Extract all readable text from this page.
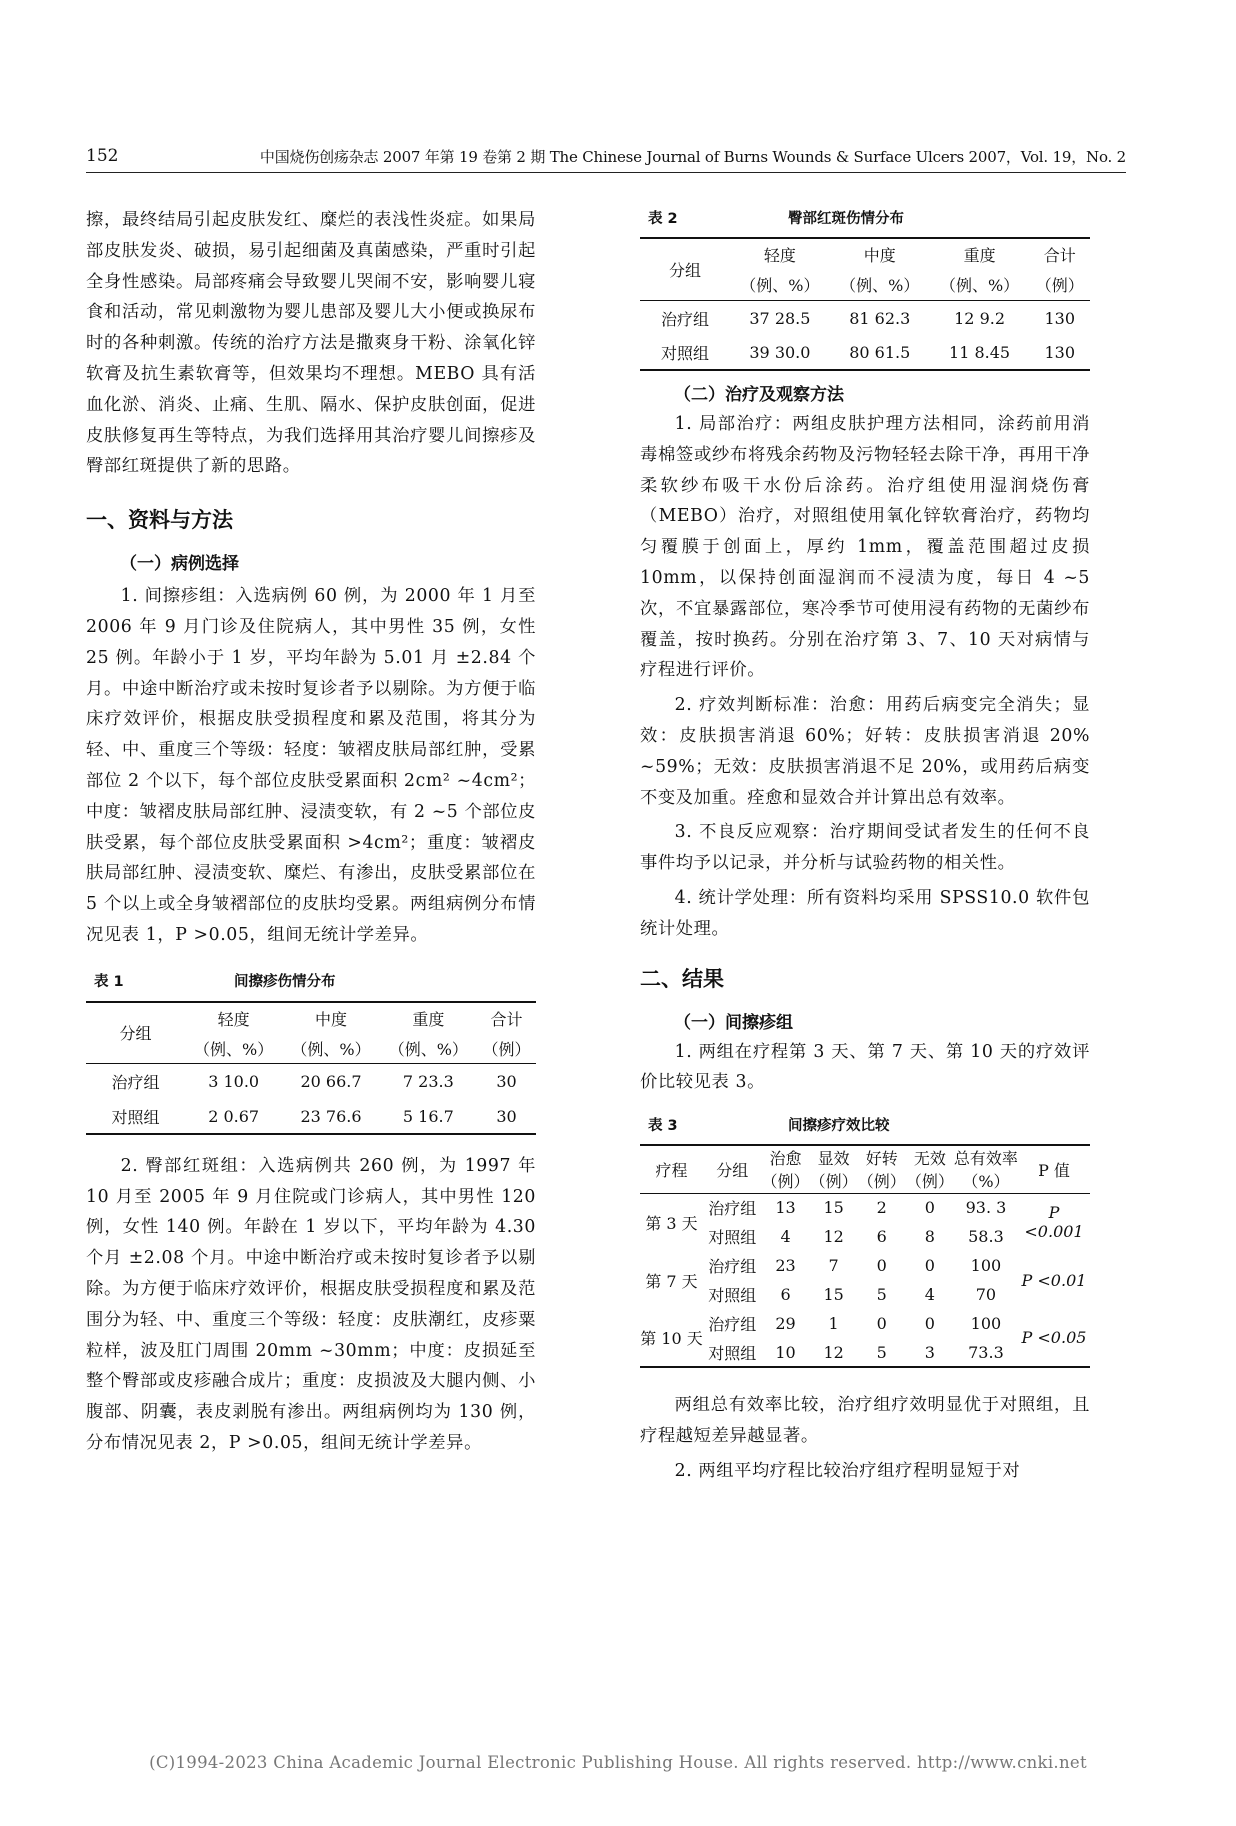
152	中国烧伤创疡杂志 2007 年第 19 卷第 2 期 The Chinese Journal of Burns Wounds & Surface Ulcers 2007，Vol. 19，No. 2

擦，最终结局引起皮肤发红、糜烂的表浅性炎症。如果局部皮肤发炎、破损，易引起细菌及真菌感染，严重时引起全身性感染。局部疼痛会导致婴儿哭闹不安，影响婴儿寝食和活动，常见刺激物为婴儿患部及婴儿大小便或换尿布时的各种刺激。传统的治疗方法是撒爽身干粉、涂氧化锌软膏及抗生素软膏等，但效果均不理想。MEBO 具有活血化淤、消炎、止痛、生肌、隔水、保护皮肤创面，促进皮肤修复再生等特点，为我们选择用其治疗婴儿间擦疹及臀部红斑提供了新的思路。

一、资料与方法
（一）病例选择

1. 间擦疹组：入选病例 60 例，为 2000 年 1 月至 2006 年 9 月门诊及住院病人，其中男性 35 例，女性 25 例。年龄小于 1 岁，平均年龄为 5.01 月 ±2.84 个月。中途中断治疗或未按时复诊者予以剔除。为方便于临床疗效评价，根据皮肤受损程度和累及范围，将其分为轻、中、重度三个等级：轻度：皱褶皮肤局部红肿，受累部位 2 个以下，每个部位皮肤受累面积 2cm² ~4cm²；中度：皱褶皮肤局部红肿、浸渍变软，有 2 ~5 个部位皮肤受累，每个部位皮肤受累面积 >4cm²；重度：皱褶皮肤局部红肿、浸渍变软、糜烂、有渗出，皮肤受累部位在 5 个以上或全身皱褶部位的皮肤均受累。两组病例分布情况见表 1，P >0.05，组间无统计学差异。

表 1	间擦疹伤情分布
分组	轻度	中度	重度	合计
	（例、%）	（例、%）	（例、%）	（例）
治疗组	3 10.0	20 66.7	7 23.3	30
对照组	2 0.67	23 76.6	5 16.7	30

2. 臀部红斑组：入选病例共 260 例，为 1997 年 10 月至 2005 年 9 月住院或门诊病人，其中男性 120 例，女性 140 例。年龄在 1 岁以下，平均年龄为 4.30 个月 ±2.08 个月。中途中断治疗或未按时复诊者予以剔除。为方便于临床疗效评价，根据皮肤受损程度和累及范围分为轻、中、重度三个等级：轻度：皮肤潮红，皮疹粟粒样，波及肛门周围 20mm ~30mm；中度：皮损延至整个臀部或皮疹融合成片；重度：皮损波及大腿内侧、小腹部、阴囊，表皮剥脱有渗出。两组病例均为 130 例，分布情况见表 2，P >0.05，组间无统计学差异。

表 2	臀部红斑伤情分布
分组	轻度	中度	重度	合计
	（例、%）	（例、%）	（例、%）	（例）
治疗组	37 28.5	81 62.3	12 9.2	130
对照组	39 30.0	80 61.5	11 8.45	130
（二）治疗及观察方法

1. 局部治疗：两组皮肤护理方法相同，涂药前用消毒棉签或纱布将残余药物及污物轻轻去除干净，再用干净柔软纱布吸干水份后涂药。治疗组使用湿润烧伤膏（MEBO）治疗，对照组使用氧化锌软膏治疗，药物均匀覆膜于创面上，厚约 1mm，覆盖范围超过皮损 10mm，以保持创面湿润而不浸渍为度，每日 4 ~5 次，不宜暴露部位，寒冷季节可使用浸有药物的无菌纱布覆盖，按时换药。分别在治疗第 3、7、10 天对病情与疗程进行评价。

2. 疗效判断标准：治愈：用药后病变完全消失；显效：皮肤损害消退 60%；好转：皮肤损害消退 20% ~59%；无效：皮肤损害消退不足 20%，或用药后病变不变及加重。痊愈和显效合并计算出总有效率。

3. 不良反应观察：治疗期间受试者发生的任何不良事件均予以记录，并分析与试验药物的相关性。

4. 统计学处理：所有资料均采用 SPSS10.0 软件包统计处理。

二、结果
（一）间擦疹组

1. 两组在疗程第 3 天、第 7 天、第 10 天的疗效评价比较见表 3。

表 3	间擦疹疗效比较
疗程	分组	治愈	显效	好转	无效	总有效率	P 值
		（例）	（例）	（例）	（例）	（%）	
第 3 天	治疗组	13	15	2	0	93. 3	P <0.001
	对照组	4	12	6	8	58.3	
第 7 天	治疗组	23	7	0	0	100	P <0.01
	对照组	6	15	5	4	70	
第 10 天	治疗组	29	1	0	0	100	P <0.05
	对照组	10	12	5	3	73.3	

两组总有效率比较，治疗组疗效明显优于对照组，且疗程越短差异越显著。

2. 两组平均疗程比较治疗组疗程明显短于对

(C)1994-2023 China Academic Journal Electronic Publishing House. All rights reserved. http://www.cnki.net
